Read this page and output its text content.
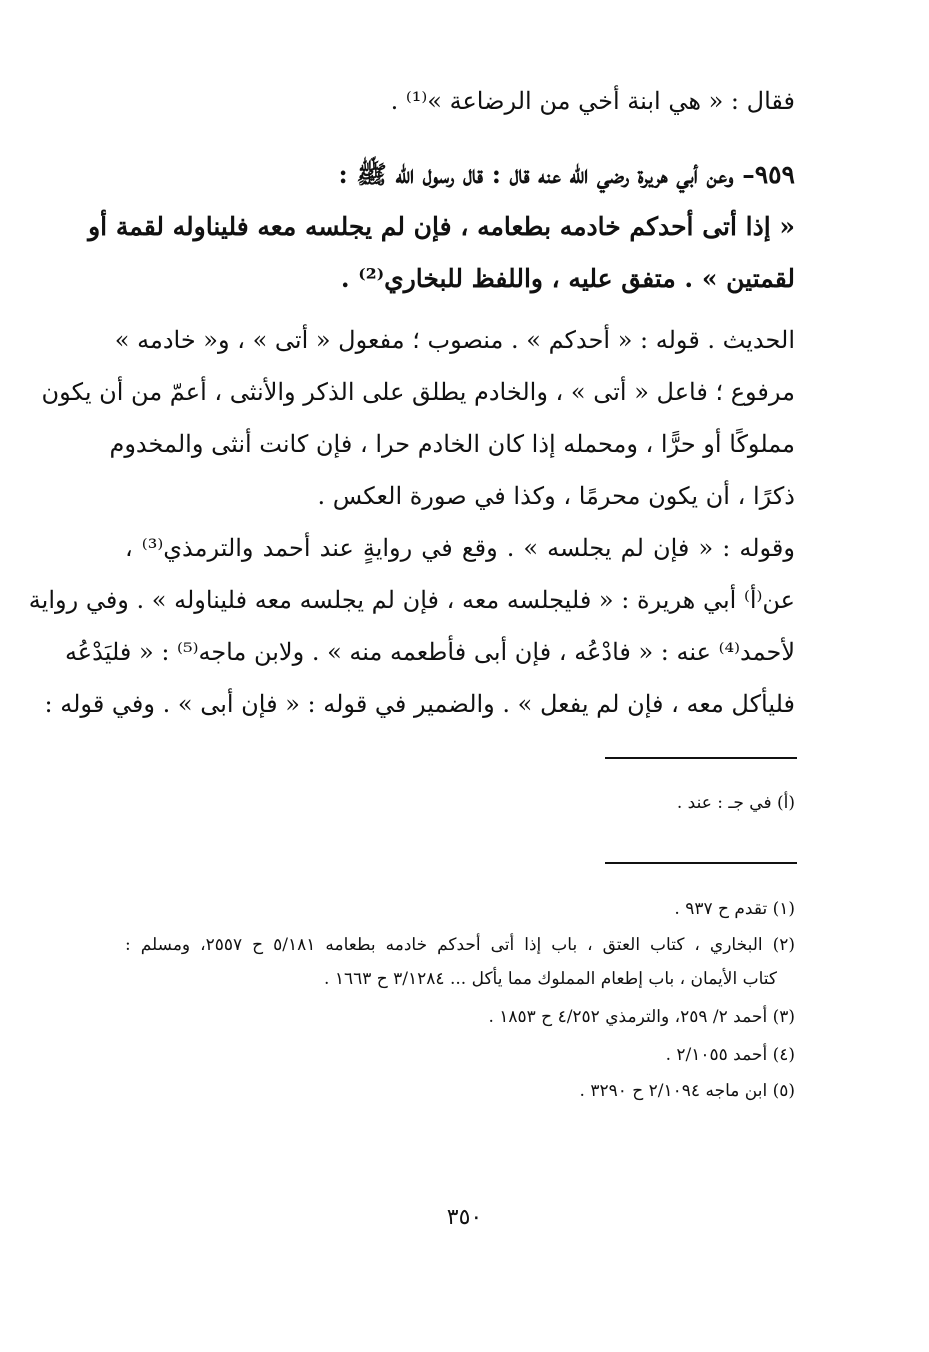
فقال : « هي ابنة أخي من الرضاعة »⁽¹⁾ .
٩٥٩– وعن أبي هريرة رضي الله عنه قال : قال رسول الله ﷺ :
« إذا أتى أحدكم خادمه بطعامه ، فإن لم يجلسه معه فليناوله لقمة أو
لقمتين » . متفق عليه ، واللفظ للبخاري⁽²⁾ .
الحديث . قوله : « أحدكم » . منصوب ؛ مفعول « أتى » ، و« خادمه »
مرفوع ؛ فاعل « أتى » ، والخادم يطلق على الذكر والأنثى ، أعمّ من أن يكون
مملوكًا أو حرًّا ، ومحمله إذا كان الخادم حرا ، فإن كانت أنثى والمخدوم
ذكرًا ، أن يكون محرمًا ، وكذا في صورة العكس .
وقوله : « فإن لم يجلسه » . وقع في روايةٍ عند أحمد والترمذي⁽³⁾ ،
عن⁽أ⁾ أبي هريرة : « فليجلسه معه ، فإن لم يجلسه معه فليناوله » . وفي رواية
لأحمد⁽⁴⁾ عنه : « فادْعُه ، فإن أبى فأطعمه منه » . ولابن ماجه⁽⁵⁾ : « فليَدْعُه
فليأكل معه ، فإن لم يفعل » . والضمير في قوله : « فإن أبى » . وفي قوله :
(أ) في جـ : عند .
(١) تقدم ح ٩٣٧ .
(٢) البخاري ، كتاب العتق ، باب إذا أتى أحدكم خادمه بطعامه ٥/١٨١ ح ٢٥٥٧، ومسلم :
كتاب الأيمان ، باب إطعام المملوك مما يأكل ... ٣/١٢٨٤ ح ١٦٦٣ .
(٣) أحمد ٢/ ٢٥٩، والترمذي ٤/٢٥٢ ح ١٨٥٣ .
(٤) أحمد ٢/١٠٥٥ .
(٥) ابن ماجه ٢/١٠٩٤ ح ٣٢٩٠ .
٣٥٠
